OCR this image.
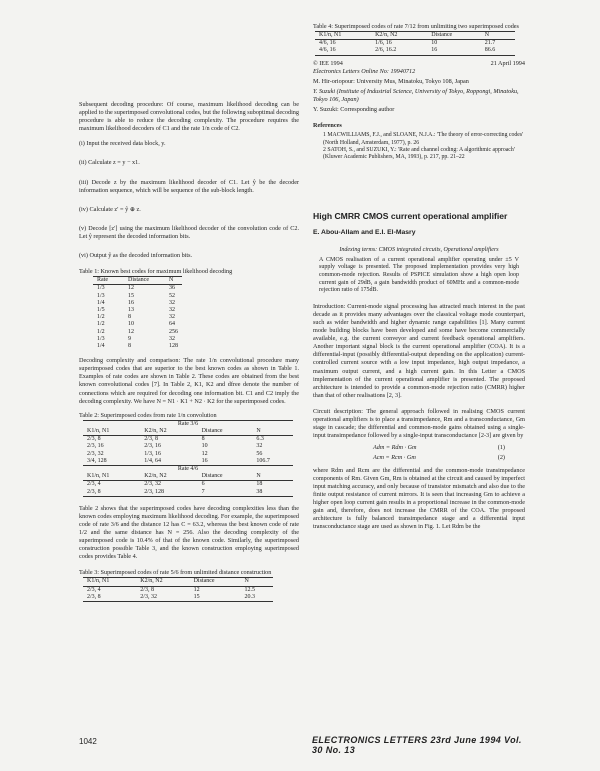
Subsequent decoding procedure: Of course, maximum likelihood decoding can be applied to the superimposed convolutional codes, but the following suboptimal decoding procedure is able to reduce the decoding complexity. The procedure requires the maximum likelihood decoders of C1 and the rate 1/n code of C2.

(i) Input the received data block, y.

(ii) Calculate z = y − x1.

(iii) Decode z by the maximum likelihood decoder of C1. Let ŷ be the decoder information sequence, which will be sequence of the sub-block length.

(iv) Calculate z′ = ŷ ⊕ z.

(v) Decode [z′] using the maximum likelihood decoder of the convolution code of C2. Let ŷ represent the decoded information bits.

(vi) Output ŷ as the decoded information bits.

Table 1: Known best codes for maximum likelihood decoding

Rate	Distance	N
1/3	12	36
1/3	15	52
1/4	16	32
1/5	13	32
1/2	8	32
1/2	10	64
1/2	12	256
1/3	9	32
1/4	8	128

Decoding complexity and comparison: The rate 1/n convolutional procedure many superimposed codes that are superior to the best known codes as shown in Table 1. Examples of rate codes are shown in Table 2. These codes are obtained from the best known convolutional codes [7]. In Table 2, K1, K2 and dfree denote the number of connections which are required for decoding one information bit. C1 and C2 imply the decoding complexity. We have N = N1 · K1 + N2 · K2 for the superimposed codes.

Table 2: Superimposed codes from rate 1/n convolution

Rate 3/6			
K1/n, N1	K2/n, N2	Distance	N
2/3, 8	2/3, 8	8	6.3
2/3, 16	2/3, 16	10	32
2/3, 32	1/3, 16	12	56
3/4, 128	1/4, 64	16	106.7
Rate 4/6			
K1/n, N1	K2/n, N2	Distance	N
2/3, 4	2/3, 32	6	18
2/3, 8	2/3, 128	7	38

Table 2 shows that the superimposed codes have decoding complexities less than the known codes employing maximum likelihood decoding. For example, the superimposed code of rate 3/6 and the distance 12 has C = 63.2, whereas the best known code of rate 1/2 and the same distance has N = 256. Also the decoding complexity of the superimposed code is 10.4% of that of the known code. Similarly, the superimposed construction possible Table 3, and the known construction employing superimposed codes provides Table 4.

Table 3: Superimposed codes of rate 5/6 from unlimited distance construction

K1/n, N1	K2/n, N2	Distance	N
2/3, 4	2/3, 8	12	12.5
2/3, 8	2/3, 32	15	20.3

Table 4: Superimposed codes of rate 7/12 from unlimiting two superimposed codes

K1/n, N1	K2/n, N2	Distance	N
4/6, 16	1/6, 16	10	21.7
4/6, 16	2/6, 16.2	16	86.6
21 April 1994
© IEE 1994
Electronics Letters Online No: 19940712
M. Hir-oriopour: University Mus, Minatoku, Tokyo 108, Japan
Y. Suzuki (Institute of Industrial Science, University of Tokyo, Roppongi, Minatoku, Tokyo 106, Japan)
Y. Suzuki: Corresponding author
References

1 MACWILLIAMS, F.J., and SLOANE, N.J.A.: 'The theory of error-correcting codes' (North Holland, Amsterdam, 1977), p. 26

2 SATOH, S., and SUZUKI, Y.: 'Rate and channel coding: A algorithmic approach' (Kluwer Academic Publishers, MA, 1993), p. 217, pp. 21–22

High CMRR CMOS current operational amplifier

E. Abou-Allam and E.I. El-Masry

Indexing terms: CMOS integrated circuits, Operational amplifiers

A CMOS realisation of a current operational amplifier operating under ±5 V supply voltage is presented. The proposed implementation provides very high common-mode rejection. Results of PSPICE simulation show a high open loop current gain of 29dB, a gain bandwidth product of 60MHz and a common-mode rejection ratio of 175dB.

Introduction: Current-mode signal processing has attracted much interest in the past decade as it provides many advantages over the classical voltage mode counterpart, such as wider bandwidth and higher dynamic range capabilities [1]. Many current mode building blocks have been developed and some have become commercially available, e.g. the current conveyor and current feedback operational amplifiers. Another important signal block is the current operational amplifier (COA). It is a differential-input (possibly differential-output depending on the application) current-controlled current source with a low input impedance, high output impedance, a maximum output current, and a high current gain. In this Letter a CMOS implementation of the current operational amplifier is presented. The proposed architecture is intended to provide a common-mode rejection ratio (CMRR) higher than that of other realisations [2, 3].

Circuit description: The general approach followed in realising CMOS current operational amplifiers is to place a transimpedance, Rm and a transconductance, Gm stage in cascade; the differential and common-mode gains obtained using a single-input transimpedance followed by a single-input transconductance [2-3] are given by

Adm = Rdm · Gm	(1)
Acm = Rcm · Gm	(2)

where Rdm and Rcm are the differential and the common-mode transimpedance components of Rm. Given Gm, Rm is obtained at the circuit and caused by imperfect input matching accuracy, and only because of transistor mismatch and also due to the finite output resistance of current mirrors. It is seen that increasing Gm to achieve a higher open loop current gain results in a proportional increase in the common-mode gain and, therefore, does not increase the CMRR of the COA. The proposed architecture is fully balanced transimpedance stage and a differential input transconductance stage are used as shown in Fig. 1. Let Rdm be the

1042	ELECTRONICS LETTERS 23rd June 1994 Vol. 30 No. 13
